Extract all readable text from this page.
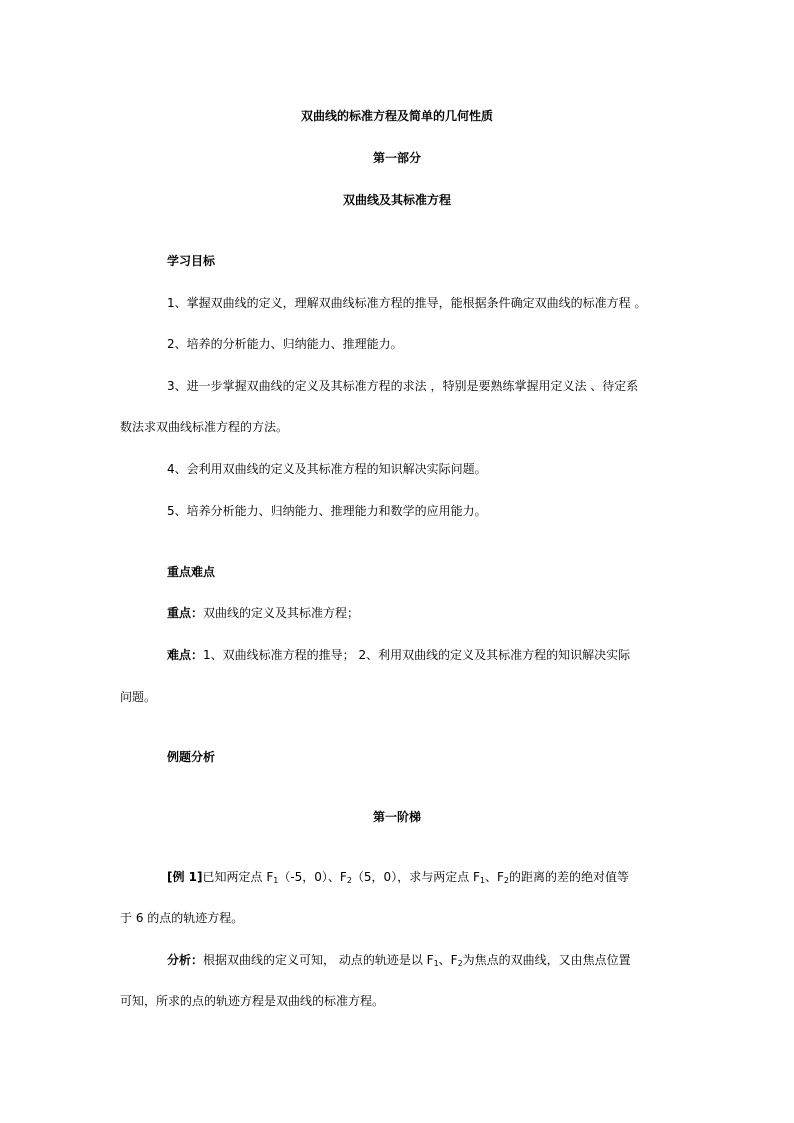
双曲线的标准方程及简单的几何性质
第一部分
双曲线及其标准方程
学习目标
1、掌握双曲线的定义，理解双曲线标准方程的推导，能根据条件确定双曲线的标准方程 。
2、培养的分析能力、归纳能力、推理能力。
3、进一步掌握双曲线的定义及其标准方程的求法 ，特别是要熟练掌握用定义法 、待定系
数法求双曲线标准方程的方法。
4、会利用双曲线的定义及其标准方程的知识解决实际问题。
5、培养分析能力、归纳能力、推理能力和数学的应用能力。
重点难点
重点：双曲线的定义及其标准方程；
难点：1、双曲线标准方程的推导； 2、利用双曲线的定义及其标准方程的知识解决实际
问题。
例题分析
第一阶梯
[例 1]已知两定点 $F_1(-5$，0）、$F_2(5$，0），求与两定点 $F_1$、$F_2$的距离的差的绝对值等
于 6 的点的轨迹方程。
分析：根据双曲线的定义可知， 动点的轨迹是以 $F_1$、$F_2$为焦点的双曲线，又由焦点位置
可知，所求的点的轨迹方程是双曲线的标准方程。
